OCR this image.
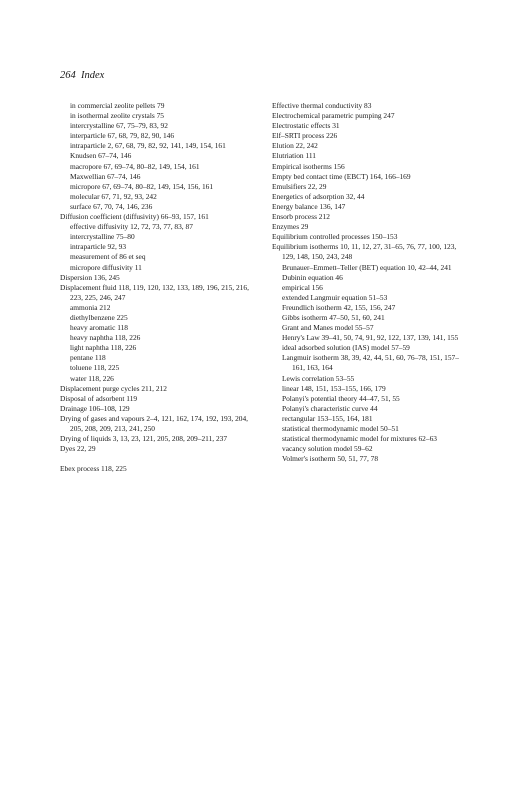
264 Index
in commercial zeolite pellets 79
in isothermal zeolite crystals 75
intercrystalline 67, 75–79, 83, 92
interparticle 67, 68, 79, 82, 90, 146
intraparticle 2, 67, 68, 79, 82, 92, 141, 149, 154, 161
Knudsen 67–74, 146
macropore 67, 69–74, 80–82, 149, 154, 161
Maxwellian 67–74, 146
micropore 67, 69–74, 80–82, 149, 154, 156, 161
molecular 67, 71, 92, 93, 242
surface 67, 70, 74, 146, 236
Diffusion coefficient (diffusivity) 66–93, 157, 161
effective diffusivity 12, 72, 73, 77, 83, 87
intercrystalline 75–80
intraparticle 92, 93
measurement of 86 et seq
micropore diffusivity 11
Dispersion 136, 245
Displacement fluid 118, 119, 120, 132, 133, 189, 196, 215, 216, 223, 225, 246, 247
ammonia 212
diethylbenzene 225
heavy aromatic 118
heavy naphtha 118, 226
light naphtha 118, 226
pentane 118
toluene 118, 225
water 118, 226
Displacement purge cycles 211, 212
Disposal of adsorbent 119
Drainage 106–108, 129
Drying of gases and vapours 2–4, 121, 162, 174, 192, 193, 204, 205, 208, 209, 213, 241, 250
Drying of liquids 3, 13, 23, 121, 205, 208, 209–211, 237
Dyes 22, 29
Ebex process 118, 225
Effective thermal conductivity 83
Electrochemical parametric pumping 247
Electrostatic effects 31
Elf–SRTI process 226
Elution 22, 242
Elutriation 111
Empirical isotherms 156
Empty bed contact time (EBCT) 164, 166–169
Emulsifiers 22, 29
Energetics of adsorption 32, 44
Energy balance 136, 147
Ensorb process 212
Enzymes 29
Equilibrium controlled processes 150–153
Equilibrium isotherms 10, 11, 12, 27, 31–65, 76, 77, 100, 123, 129, 148, 150, 243, 248
Brunauer–Emmett–Teller (BET) equation 10, 42–44, 241
Dubinin equation 46
empirical 156
extended Langmuir equation 51–53
Freundlich isotherm 42, 155, 156, 247
Gibbs isotherm 47–50, 51, 60, 241
Grant and Manes model 55–57
Henry's Law 39–41, 50, 74, 91, 92, 122, 137, 139, 141, 155
ideal adsorbed solution (IAS) model 57–59
Langmuir isotherm 38, 39, 42, 44, 51, 60, 76–78, 151, 157–161, 163, 164
Lewis correlation 53–55
linear 148, 151, 153–155, 166, 179
Polanyi's potential theory 44–47, 51, 55
Polanyi's characteristic curve 44
rectangular 153–155, 164, 181
statistical thermodynamic model 50–51
statistical thermodynamic model for mixtures 62–63
vacancy solution model 59–62
Volmer's isotherm 50, 51, 77, 78
